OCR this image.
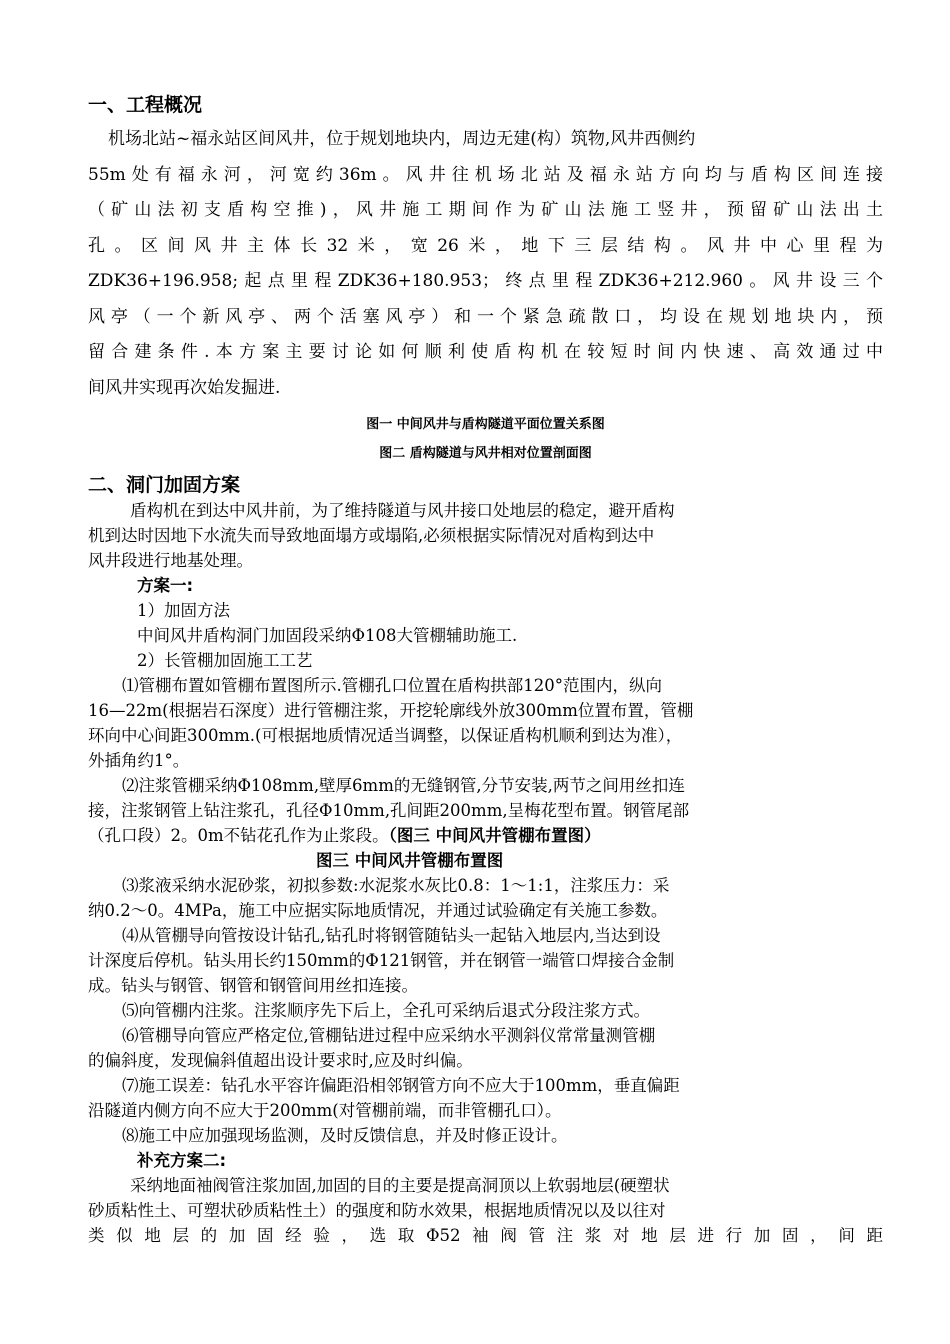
一、工程概况
机场北站~福永站区间风井，位于规划地块内，周边无建(构）筑物,风井西侧约
55m处有福永河，河宽约36m。风井往机场北站及福永站方向均与盾构区间连接
（矿山法初支盾构空推)，风井施工期间作为矿山法施工竖井，预留矿山法出土
孔。区间风井主体长32米，宽26米，地下三层结构。风井中心里程为
ZDK36+196.958;起点里程ZDK36+180.953；终点里程ZDK36+212.960。风井设三个
风亭（一个新风亭、两个活塞风亭）和一个紧急疏散口，均设在规划地块内，预
留合建条件.本方案主要讨论如何顺利使盾构机在较短时间内快速、高效通过中
间风井实现再次始发掘进.
图一 中间风井与盾构隧道平面位置关系图
图二 盾构隧道与风井相对位置剖面图
二、洞门加固方案
盾构机在到达中风井前，为了维持隧道与风井接口处地层的稳定，避开盾构
机到达时因地下水流失而导致地面塌方或塌陷,必须根据实际情况对盾构到达中
风井段进行地基处理。
方案一:
1）加固方法
中间风井盾构洞门加固段采纳Φ108大管棚辅助施工.
2）长管棚加固施工工艺
⑴管棚布置如管棚布置图所示.管棚孔口位置在盾构拱部120°范围内，纵向
16—22m(根据岩石深度）进行管棚注浆，开挖轮廓线外放300mm位置布置，管棚
环向中心间距300mm.(可根据地质情况适当调整，以保证盾构机顺利到达为准），
外插角约1°。
⑵注浆管棚采纳Φ108mm,壁厚6mm的无缝钢管,分节安装,两节之间用丝扣连
接，注浆钢管上钻注浆孔，孔径Φ10mm,孔间距200mm,呈梅花型布置。钢管尾部
（孔口段）2。0m不钻花孔作为止浆段。（图三 中间风井管棚布置图）
图三 中间风井管棚布置图
⑶浆液采纳水泥砂浆，初拟参数:水泥浆水灰比0.8：1～1:1，注浆压力：采
纳0.2～0。4MPa，施工中应据实际地质情况，并通过试验确定有关施工参数。
⑷从管棚导向管按设计钻孔,钻孔时将钢管随钻头一起钻入地层内,当达到设
计深度后停机。钻头用长约150mm的Φ121钢管，并在钢管一端管口焊接合金制
成。钻头与钢管、钢管和钢管间用丝扣连接。
⑸向管棚内注浆。注浆顺序先下后上，全孔可采纳后退式分段注浆方式。
⑹管棚导向管应严格定位,管棚钻进过程中应采纳水平测斜仪常常量测管棚
的偏斜度，发现偏斜值超出设计要求时,应及时纠偏。
⑺施工误差：钻孔水平容许偏距沿相邻钢管方向不应大于100mm，垂直偏距
沿隧道内侧方向不应大于200mm(对管棚前端，而非管棚孔口）。
⑻施工中应加强现场监测，及时反馈信息，并及时修正设计。
补充方案二:
采纳地面袖阀管注浆加固,加固的目的主要是提高洞顶以上软弱地层(硬塑状
砂质粘性土、可塑状砂质粘性土）的强度和防水效果，根据地质情况以及以往对
类似地层的加固经验，选取Φ52袖阀管注浆对地层进行加固，间距
